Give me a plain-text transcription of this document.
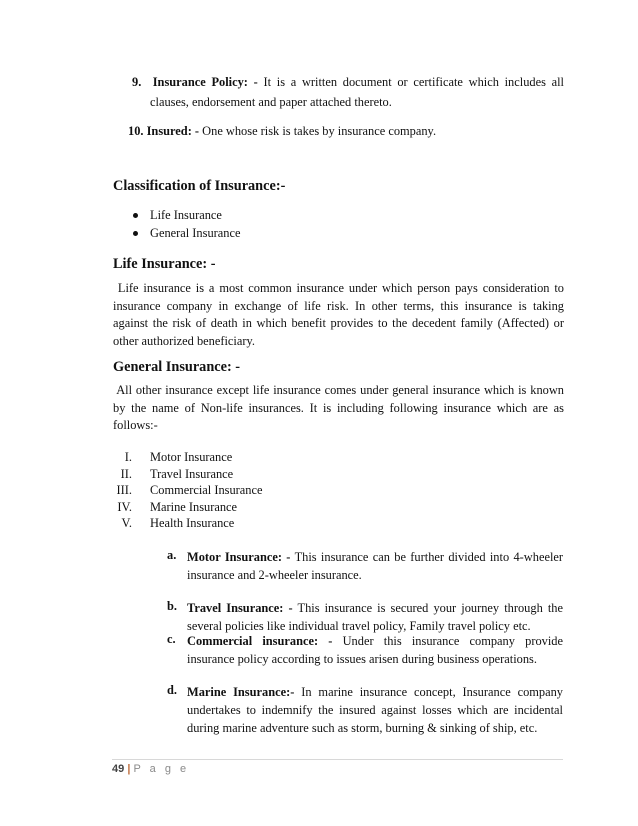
9. Insurance Policy: - It is a written document or certificate which includes all
clauses, endorsement and paper attached thereto.
10. Insured: - One whose risk is takes by insurance company.
Classification of Insurance:-
Life Insurance
General Insurance
Life Insurance: -
Life insurance is a most common insurance under which person pays consideration to
insurance company in exchange of life risk. In other terms, this insurance is taking
against the risk of death in which benefit provides to the decedent family (Affected) or
other authorized beneficiary.
General Insurance: -
All other insurance except life insurance comes under general insurance which is known
by the name of Non-life insurances. It is including following insurance which are as
follows:-
I. Motor Insurance
II. Travel Insurance
III. Commercial Insurance
IV. Marine Insurance
V. Health Insurance
a. Motor Insurance: - This insurance can be further divided into 4-wheeler
insurance and 2-wheeler insurance.
b. Travel Insurance: - This insurance is secured your journey through the
several policies like individual travel policy, Family travel policy etc.
c. Commercial insurance: - Under this insurance company provide
insurance policy according to issues arisen during business operations.
d. Marine Insurance:- In marine insurance concept, Insurance company
undertakes to indemnify the insured against losses which are incidental
during marine adventure such as storm, burning & sinking of ship, etc.
49 | P a g e
